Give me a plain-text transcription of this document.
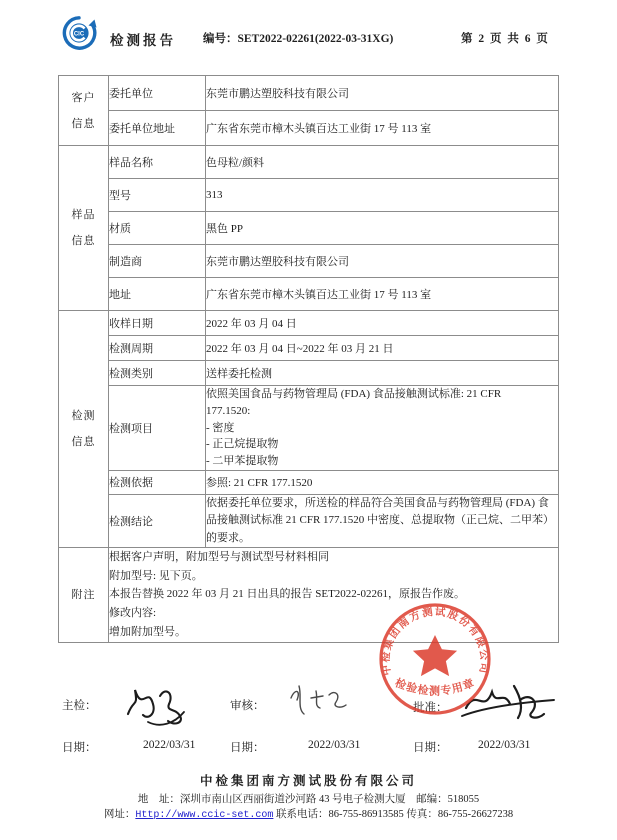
CIC 检测报告 编号：SET2022-02261(2022-03-31XG)	第 2 页 共 6 页
客户
信息	委托单位	东莞市鹏达塑胶科技有限公司
	委托单位地址	广东省东莞市樟木头镇百达工业街 17 号 113 室

样品
信息	样品名称	色母粒/颜料
	型号	313
	材质	黑色 PP
	制造商	东莞市鹏达塑胶科技有限公司
	地址	广东省东莞市樟木头镇百达工业街 17 号 113 室

检测
信息	收样日期	2022 年 03 月 04 日
	检测周期	2022 年 03 月 04 日~2022 年 03 月 21 日
	检测类别	送样委托检测
	检测项目	依照美国食品与药物管理局 (FDA) 食品接触测试标准: 21 CFR
177.1520:
- 密度
- 正己烷提取物
- 二甲苯提取物

	检测依据	参照: 21 CFR 177.1520
	检测结论	依据委托单位要求，所送检的样品符合美国食品与药物管理局 (FDA) 食品接触测试标准 21 CFR 177.1520 中密度、总提取物（正己烷、二甲苯）的要求。

附注	根据客户声明，附加型号与测试型号材料相同
附加型号: 见下页。
本报告替换 2022 年 03 月 21 日出具的报告 SET2022-02261，原报告作废。
修改内容:
增加附加型号。	
主检：	审核：	批准：
日期：	2022/03/31	日期：	2022/03/31	日期：	2022/03/31
中检集团南方测试股份有限公司
检验检测专用章
中检集团南方测试股份有限公司
地　址：深圳市南山区西丽街道沙河路 43 号电子检测大厦　邮编：518055
网址：Http://www.ccic-set.com 联系电话：86-755-86913585 传真：86-755-26627238
